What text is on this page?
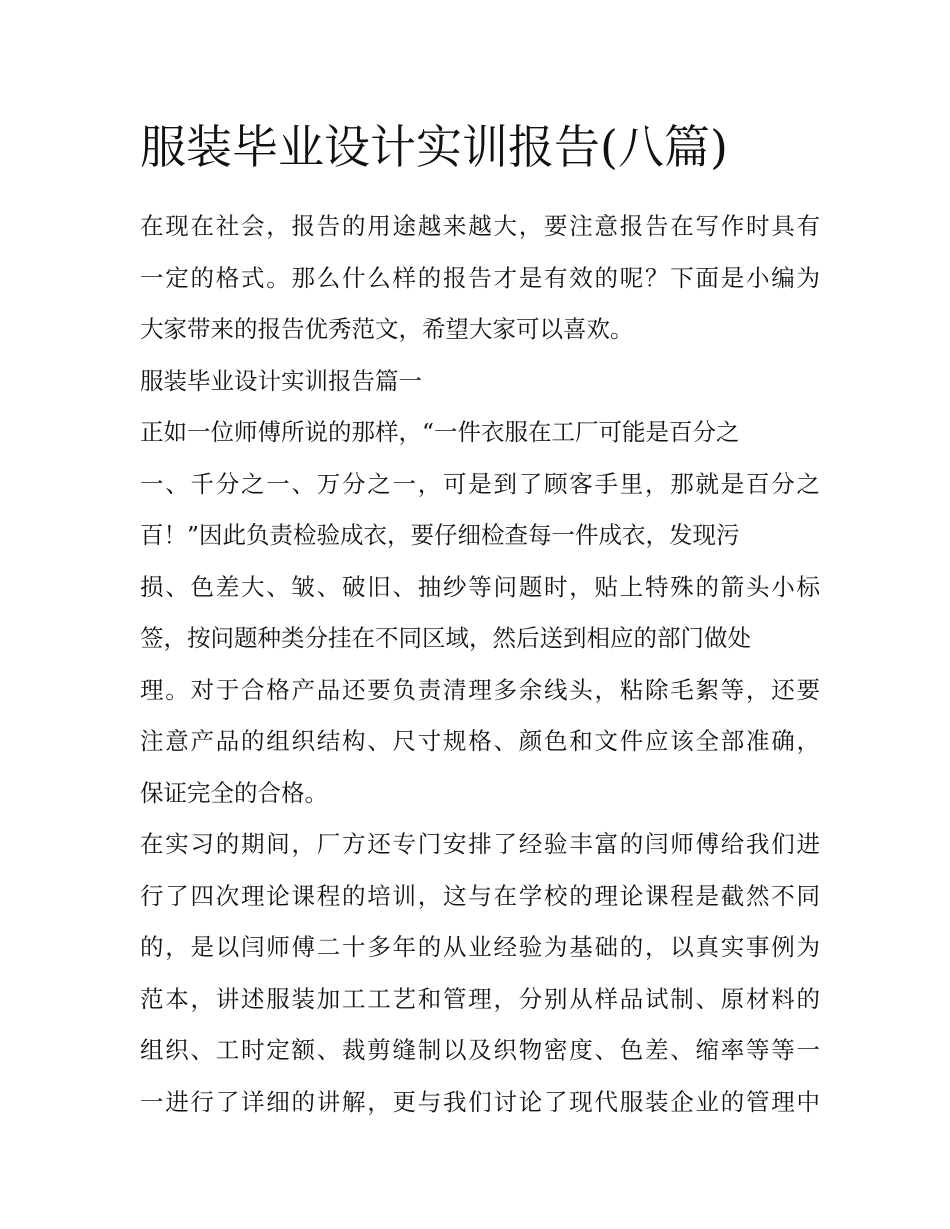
服装毕业设计实训报告(八篇)
在现在社会，报告的用途越来越大，要注意报告在写作时具有
一定的格式。那么什么样的报告才是有效的呢？下面是小编为
大家带来的报告优秀范文，希望大家可以喜欢。
服装毕业设计实训报告篇一
正如一位师傅所说的那样，“一件衣服在工厂可能是百分之
一、千分之一、万分之一，可是到了顾客手里，那就是百分之
百！”因此负责检验成衣，要仔细检查每一件成衣，发现污
损、色差大、皱、破旧、抽纱等问题时，贴上特殊的箭头小标
签，按问题种类分挂在不同区域，然后送到相应的部门做处
理。对于合格产品还要负责清理多余线头，粘除毛絮等，还要
注意产品的组织结构、尺寸规格、颜色和文件应该全部准确，
保证完全的合格。
在实习的期间，厂方还专门安排了经验丰富的闫师傅给我们进
行了四次理论课程的培训，这与在学校的理论课程是截然不同
的，是以闫师傅二十多年的从业经验为基础的，以真实事例为
范本，讲述服装加工工艺和管理，分别从样品试制、原材料的
组织、工时定额、裁剪缝制以及织物密度、色差、缩率等等一
一进行了详细的讲解，更与我们讨论了现代服装企业的管理中
